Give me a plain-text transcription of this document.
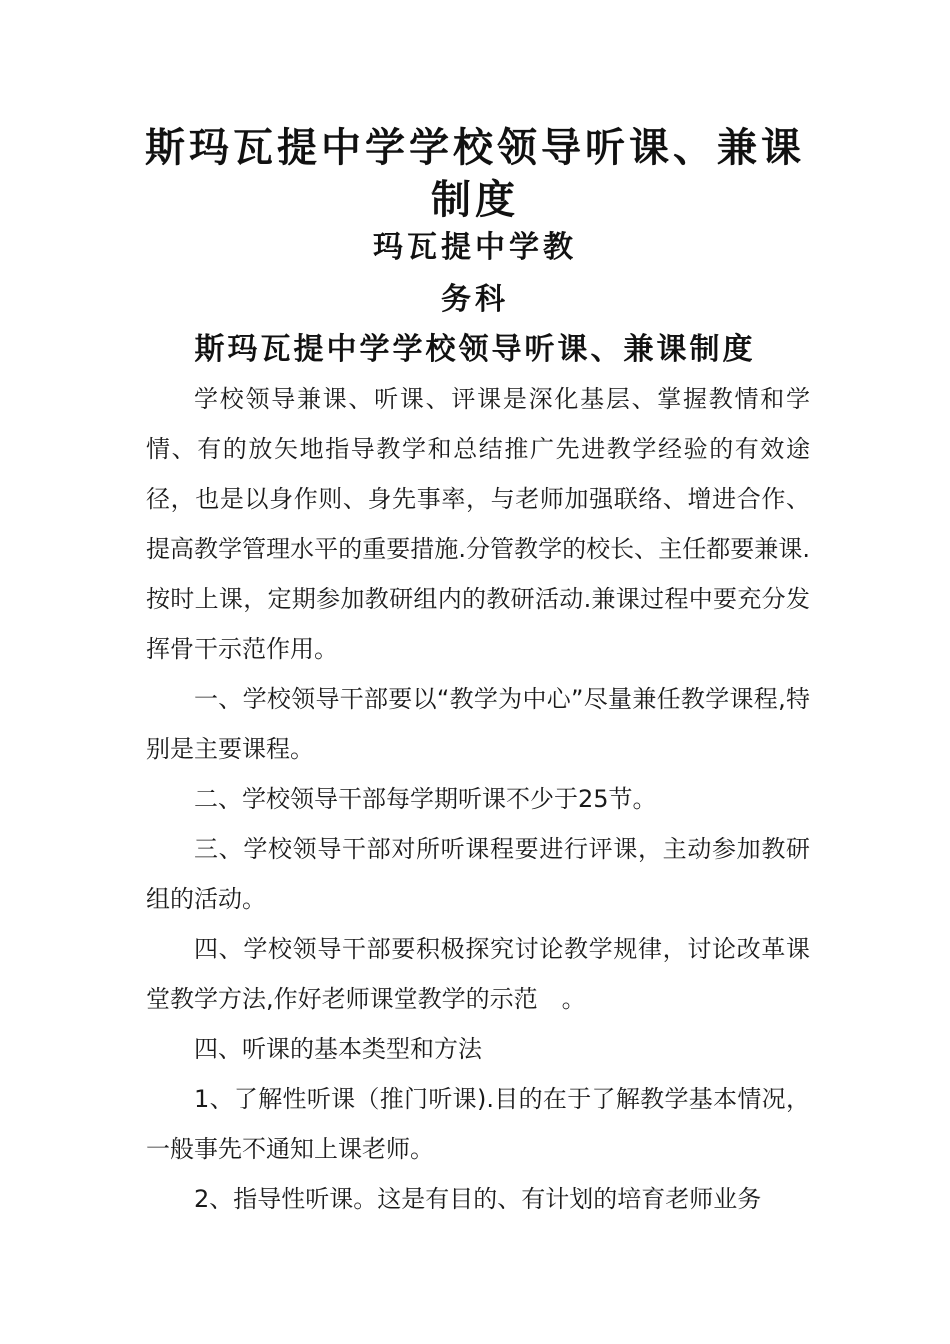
斯玛瓦提中学学校领导听课、兼课制度
玛瓦提中学教
务科
斯玛瓦提中学学校领导听课、兼课制度

学校领导兼课、听课、评课是深化基层、掌握教情和学情、有的放矢地指导教学和总结推广先进教学经验的有效途径，也是以身作则、身先事率，与老师加强联络、增进合作、提高教学管理水平的重要措施.分管教学的校长、主任都要兼课.按时上课，定期参加教研组内的教研活动.兼课过程中要充分发挥骨干示范作用。

一、学校领导干部要以“教学为中心”尽量兼任教学课程,特别是主要课程。

二、学校领导干部每学期听课不少于25节。

三、学校领导干部对所听课程要进行评课，主动参加教研组的活动。

四、学校领导干部要积极探究讨论教学规律，讨论改革课堂教学方法,作好老师课堂教学的示范　。

四、听课的基本类型和方法

1、了解性听课（推门听课).目的在于了解教学基本情况，一般事先不通知上课老师。

2、指导性听课。这是有目的、有计划的培育老师业务
